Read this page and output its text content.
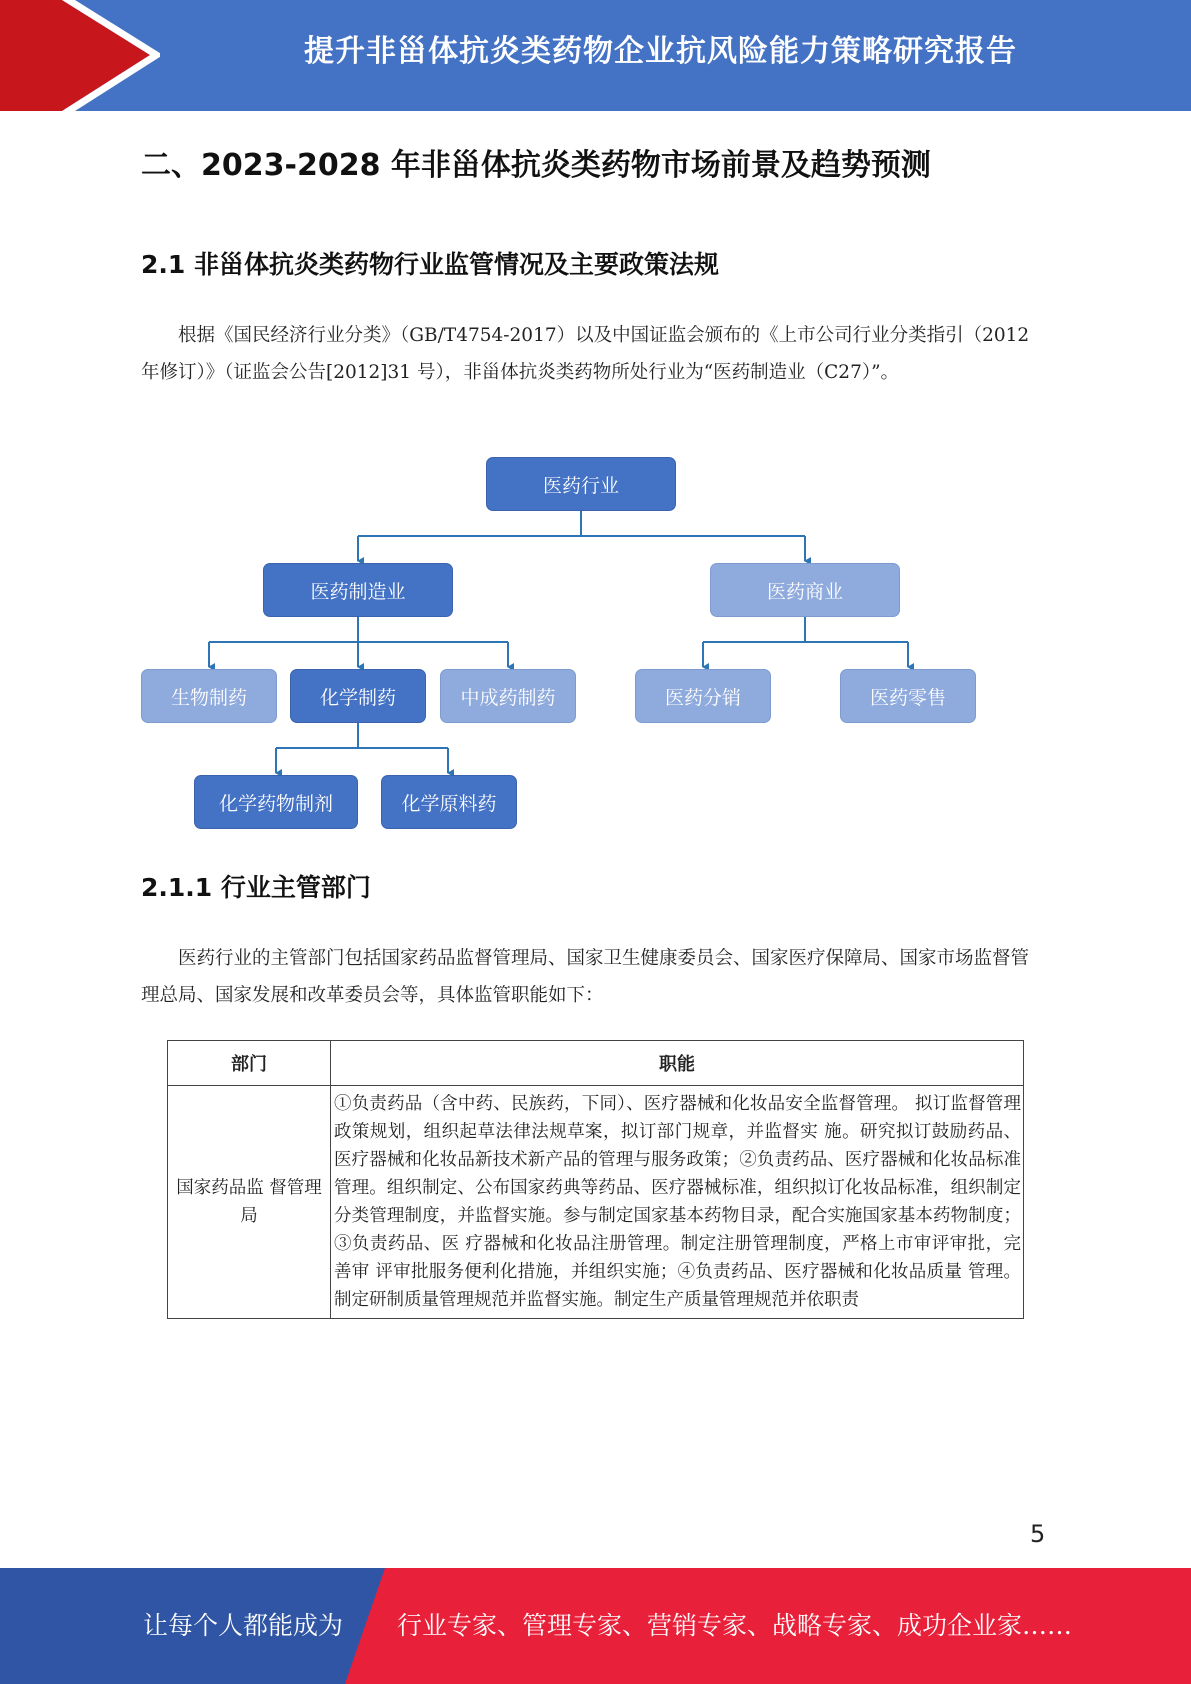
提升非甾体抗炎类药物企业抗风险能力策略研究报告
二、2023-2028 年非甾体抗炎类药物市场前景及趋势预测
2.1 非甾体抗炎类药物行业监管情况及主要政策法规

根据《国民经济行业分类》（GB/T4754-2017）以及中国证监会颁布的《上市公司行业分类指引（2012 年修订）》（证监会公告[2012]31 号），非甾体抗炎类药物所处行业为“医药制造业（C27）”。

医药行业
医药制造业	医药商业
生物制药	化学制药	中成药制药	医药分销	医药零售
化学药物制剂	化学原料药
2.1.1 行业主管部门

医药行业的主管部门包括国家药品监督管理局、国家卫生健康委员会、国家医疗保障局、国家市场监督管理总局、国家发展和改革委员会等，具体监管职能如下：

部门	职能
国家药品监 督管理局	①负责药品（含中药、民族药，下同）、医疗器械和化妆品安全监督管理。 拟订监督管理政策规划，组织起草法律法规草案，拟订部门规章，并监督实 施。研究拟订鼓励药品、医疗器械和化妆品新技术新产品的管理与服务政策；②负责药品、医疗器械和化妆品标准管理。组织制定、公布国家药典等药品、医疗器械标准，组织拟订化妆品标准，组织制定分类管理制度，并监督实施。参与制定国家基本药物目录，配合实施国家基本药物制度；③负责药品、医 疗器械和化妆品注册管理。制定注册管理制度，严格上市审评审批，完善审 评审批服务便利化措施，并组织实施；④负责药品、医疗器械和化妆品质量 管理。制定研制质量管理规范并监督实施。制定生产质量管理规范并依职责
5
让每个人都能成为 行业专家、管理专家、营销专家、战略专家、成功企业家……
